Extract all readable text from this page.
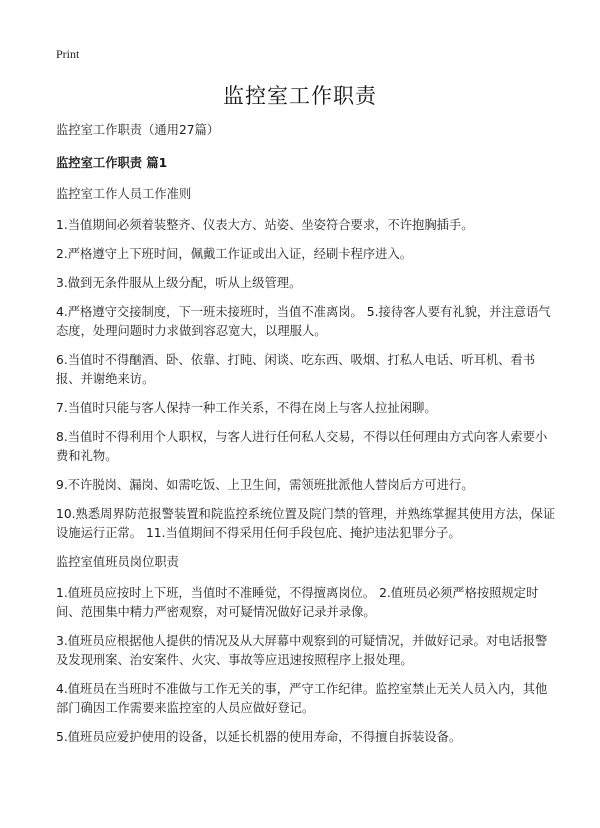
Print
监控室工作职责

监控室工作职责（通用27篇）

监控室工作职责 篇1

监控室工作人员工作准则

1.当值期间必须着装整齐、仪表大方、站姿、坐姿符合要求，不许抱胸插手。

2.严格遵守上下班时间，佩戴工作证或出入证，经刷卡程序进入。

3.做到无条件服从上级分配，听从上级管理。

4.严格遵守交接制度，下一班未接班时，当值不准离岗。 5.接待客人要有礼貌，并注意语气态度，处理问题时力求做到容忍宽大，以理服人。

6.当值时不得酗酒、卧、依靠、打盹、闲谈、吃东西、吸烟、打私人电话、听耳机、看书报、并谢绝来访。

7.当值时只能与客人保持一种工作关系，不得在岗上与客人拉扯闲聊。

8.当值时不得利用个人职权，与客人进行任何私人交易，不得以任何理由方式向客人索要小费和礼物。

9.不许脱岗、漏岗、如需吃饭、上卫生间，需领班批派他人替岗后方可进行。

10.熟悉周界防范报警装置和院监控系统位置及院门禁的管理，并熟练掌握其使用方法，保证设施运行正常。 11.当值期间不得采用任何手段包庇、掩护违法犯罪分子。

监控室值班员岗位职责

1.值班员应按时上下班，当值时不准睡觉，不得擅离岗位。 2.值班员必须严格按照规定时间、范围集中精力严密观察，对可疑情况做好记录并录像。

3.值班员应根据他人提供的情况及从大屏幕中观察到的可疑情况，并做好记录。对电话报警及发现刑案、治安案件、火灾、事故等应迅速按照程序上报处理。

4.值班员在当班时不准做与工作无关的事，严守工作纪律。监控室禁止无关人员入内，其他部门确因工作需要来监控室的人员应做好登记。

5.值班员应爱护使用的设备，以延长机器的使用寿命，不得擅自拆装设备。
